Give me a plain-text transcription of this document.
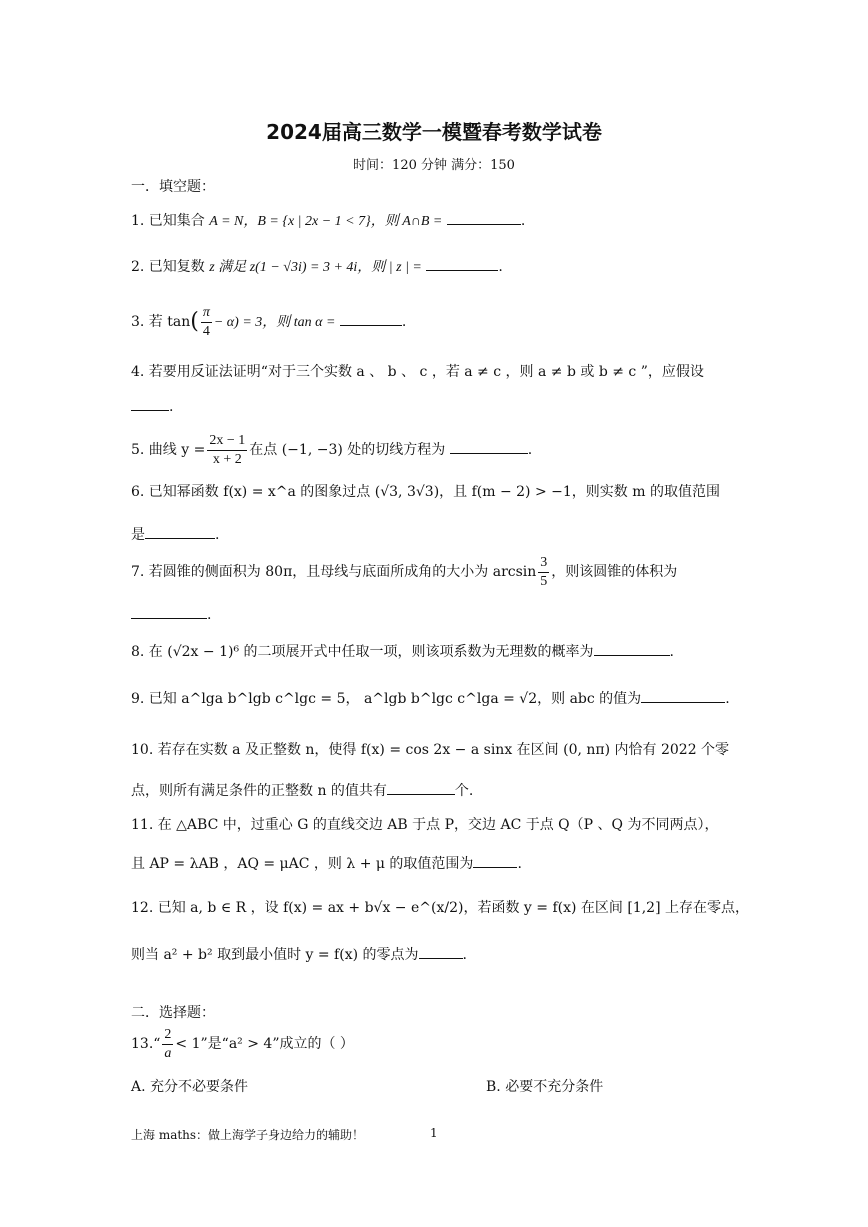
2024届高三数学一模暨春考数学试卷
时间：120 分钟 满分：150
一．填空题：
1. 已知集合 A = N，B = {x | 2x − 1 < 7}，则 A∩B =	.
2. 已知复数 z 满足 z(1 − √3i) = 3 + 4i，则 | z | =	.
3. 若 $\tan( \frac{\pi}{4} - \alpha) = 3$，则 tan α =	.
4. 若要用反证法证明“对于三个实数 a 、 b 、 c ，若 a ≠ c ，则 a ≠ b 或 b ≠ c ”，应假设
.
5. 曲线 $y = \frac{2x - 1}{x + 2}$ 在点 (−1, −3) 处的切线方程为	.
6. 已知幂函数 f(x) = x^a 的图象过点 (√3, 3√3)，且 f(m − 2) > −1，则实数 m 的取值范围
是	.
7. 若圆锥的侧面积为 80π，且母线与底面所成角的大小为 $\arcsin \frac{3}{5}$ ，则该圆锥的体积为
.
8. 在 (√2x − 1)⁶ 的二项展开式中任取一项，则该项系数为无理数的概率为	.
9. 已知 a^lga b^lgb c^lgc = 5， a^lgb b^lgc c^lga = √2，则 abc 的值为	.
10. 若存在实数 a 及正整数 n，使得 f(x) = cos 2x − a sinx 在区间 (0, nπ) 内恰有 2022 个零
点，则所有满足条件的正整数 n 的值共有	个.
11. 在 △ABC 中，过重心 G 的直线交边 AB 于点 P，交边 AC 于点 Q（P 、Q 为不同两点），
且 AP = λAB ，AQ = μAC ，则 λ + μ 的取值范围为	.
12. 已知 a, b ∈ R ，设 f(x) = ax + b√x − e^(x/2)，若函数 y = f(x) 在区间 [1,2] 上存在零点，
则当 a² + b² 取到最小值时 y = f(x) 的零点为	.
二．选择题：
13.“ $\frac{2}{a} < 1$”是“a² > 4”成立的（ ）
A. 充分不必要条件	B. 必要不充分条件
上海 maths：做上海学子身边给力的辅助！	1
